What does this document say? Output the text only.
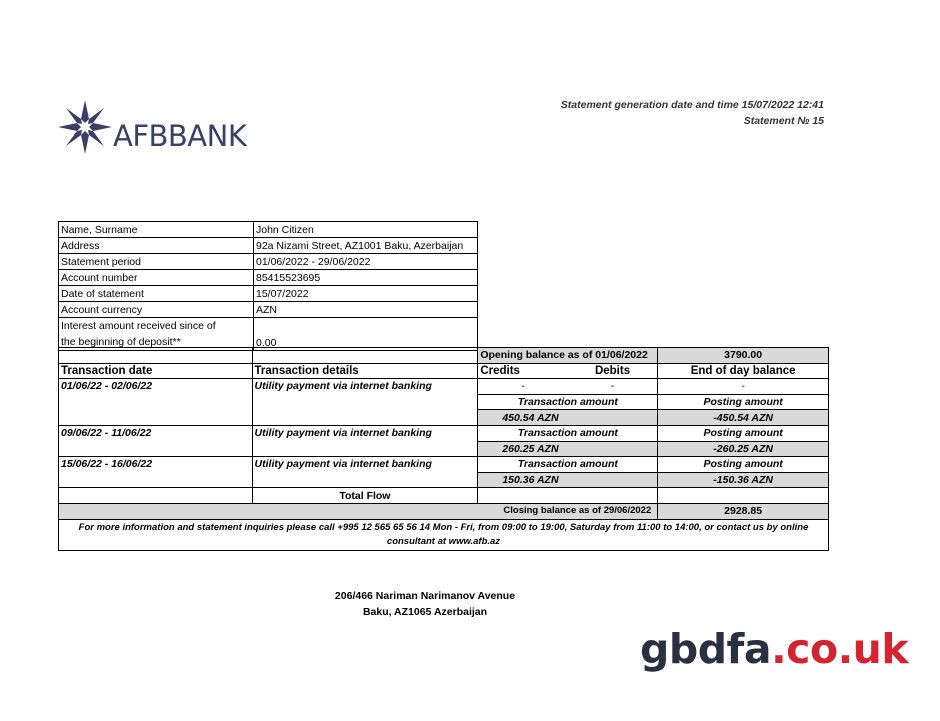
AFBBANK
Statement generation date and time 15/07/2022 12:41
Statement № 15
Name, Surname	John Citizen
Address	92a Nizami Street, AZ1001 Baku, Azerbaijan
Statement period	01/06/2022 - 29/06/2022
Account number	85415523695
Date of statement	15/07/2022
Account currency	AZN

Interest amount received since of
the beginning of deposit**	0.00
		Opening balance as of 01/06/2022		3790.00
Transaction date	Transaction details	Credits	Debits	End of day balance
01/06/22 - 02/06/22	Utility payment via internet banking	-	-	-
		Transaction amount		Posting amount
		450.54 AZN		-450.54 AZN
09/06/22 - 11/06/22	Utility payment via internet banking	Transaction amount		Posting amount
		260.25 AZN		-260.25 AZN
15/06/22 - 16/06/22	Utility payment via internet banking	Transaction amount		Posting amount
		150.36 AZN		-150.36 AZN
	Total Flow			
Closing balance as of 29/06/2022				2928.85
For more information and statement inquiries please call +995 12 565 65 56 14 Mon - Fri, from 09:00 to 19:00, Saturday from 11:00 to 14:00, or contact us by online consultant at www.afb.az				
206/466 Nariman Narimanov Avenue
Baku, AZ1065 Azerbaijan
gbdfa.co.uk
